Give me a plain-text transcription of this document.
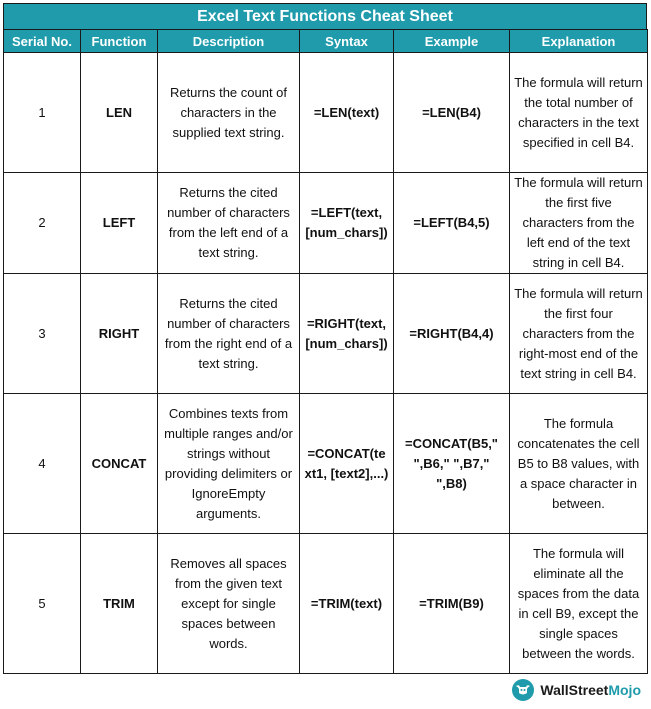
Excel Text Functions Cheat Sheet
Serial No.	Function	Description	Syntax	Example	Explanation
1	LEN	Returns the count of characters in the supplied text string.	=LEN(text)	=LEN(B4)	The formula will return the total number of characters in the text specified in cell B4.
2	LEFT	Returns the cited number of characters from the left end of a text string.	=LEFT(text, [num_chars])	=LEFT(B4,5)	The formula will return the first five characters from the left end of the text string in cell B4.
3	RIGHT	Returns the cited number of characters from the right end of a text string.	=RIGHT(text, [num_chars])	=RIGHT(B4,4)	The formula will return the first four characters from the right-most end of the text string in cell B4.
4	CONCAT	Combines texts from multiple ranges and/or strings without providing delimiters or IgnoreEmpty arguments.	=CONCAT(text1, [text2],...)	=CONCAT(B5," ",B6," ",B7," ",B8)	The formula concatenates the cell B5 to B8 values, with a space character in between.
5	TRIM	Removes all spaces from the given text except for single spaces between words.	=TRIM(text)	=TRIM(B9)	The formula will eliminate all the spaces from the data in cell B9, except the single spaces between the words.
WallStreetMojo
